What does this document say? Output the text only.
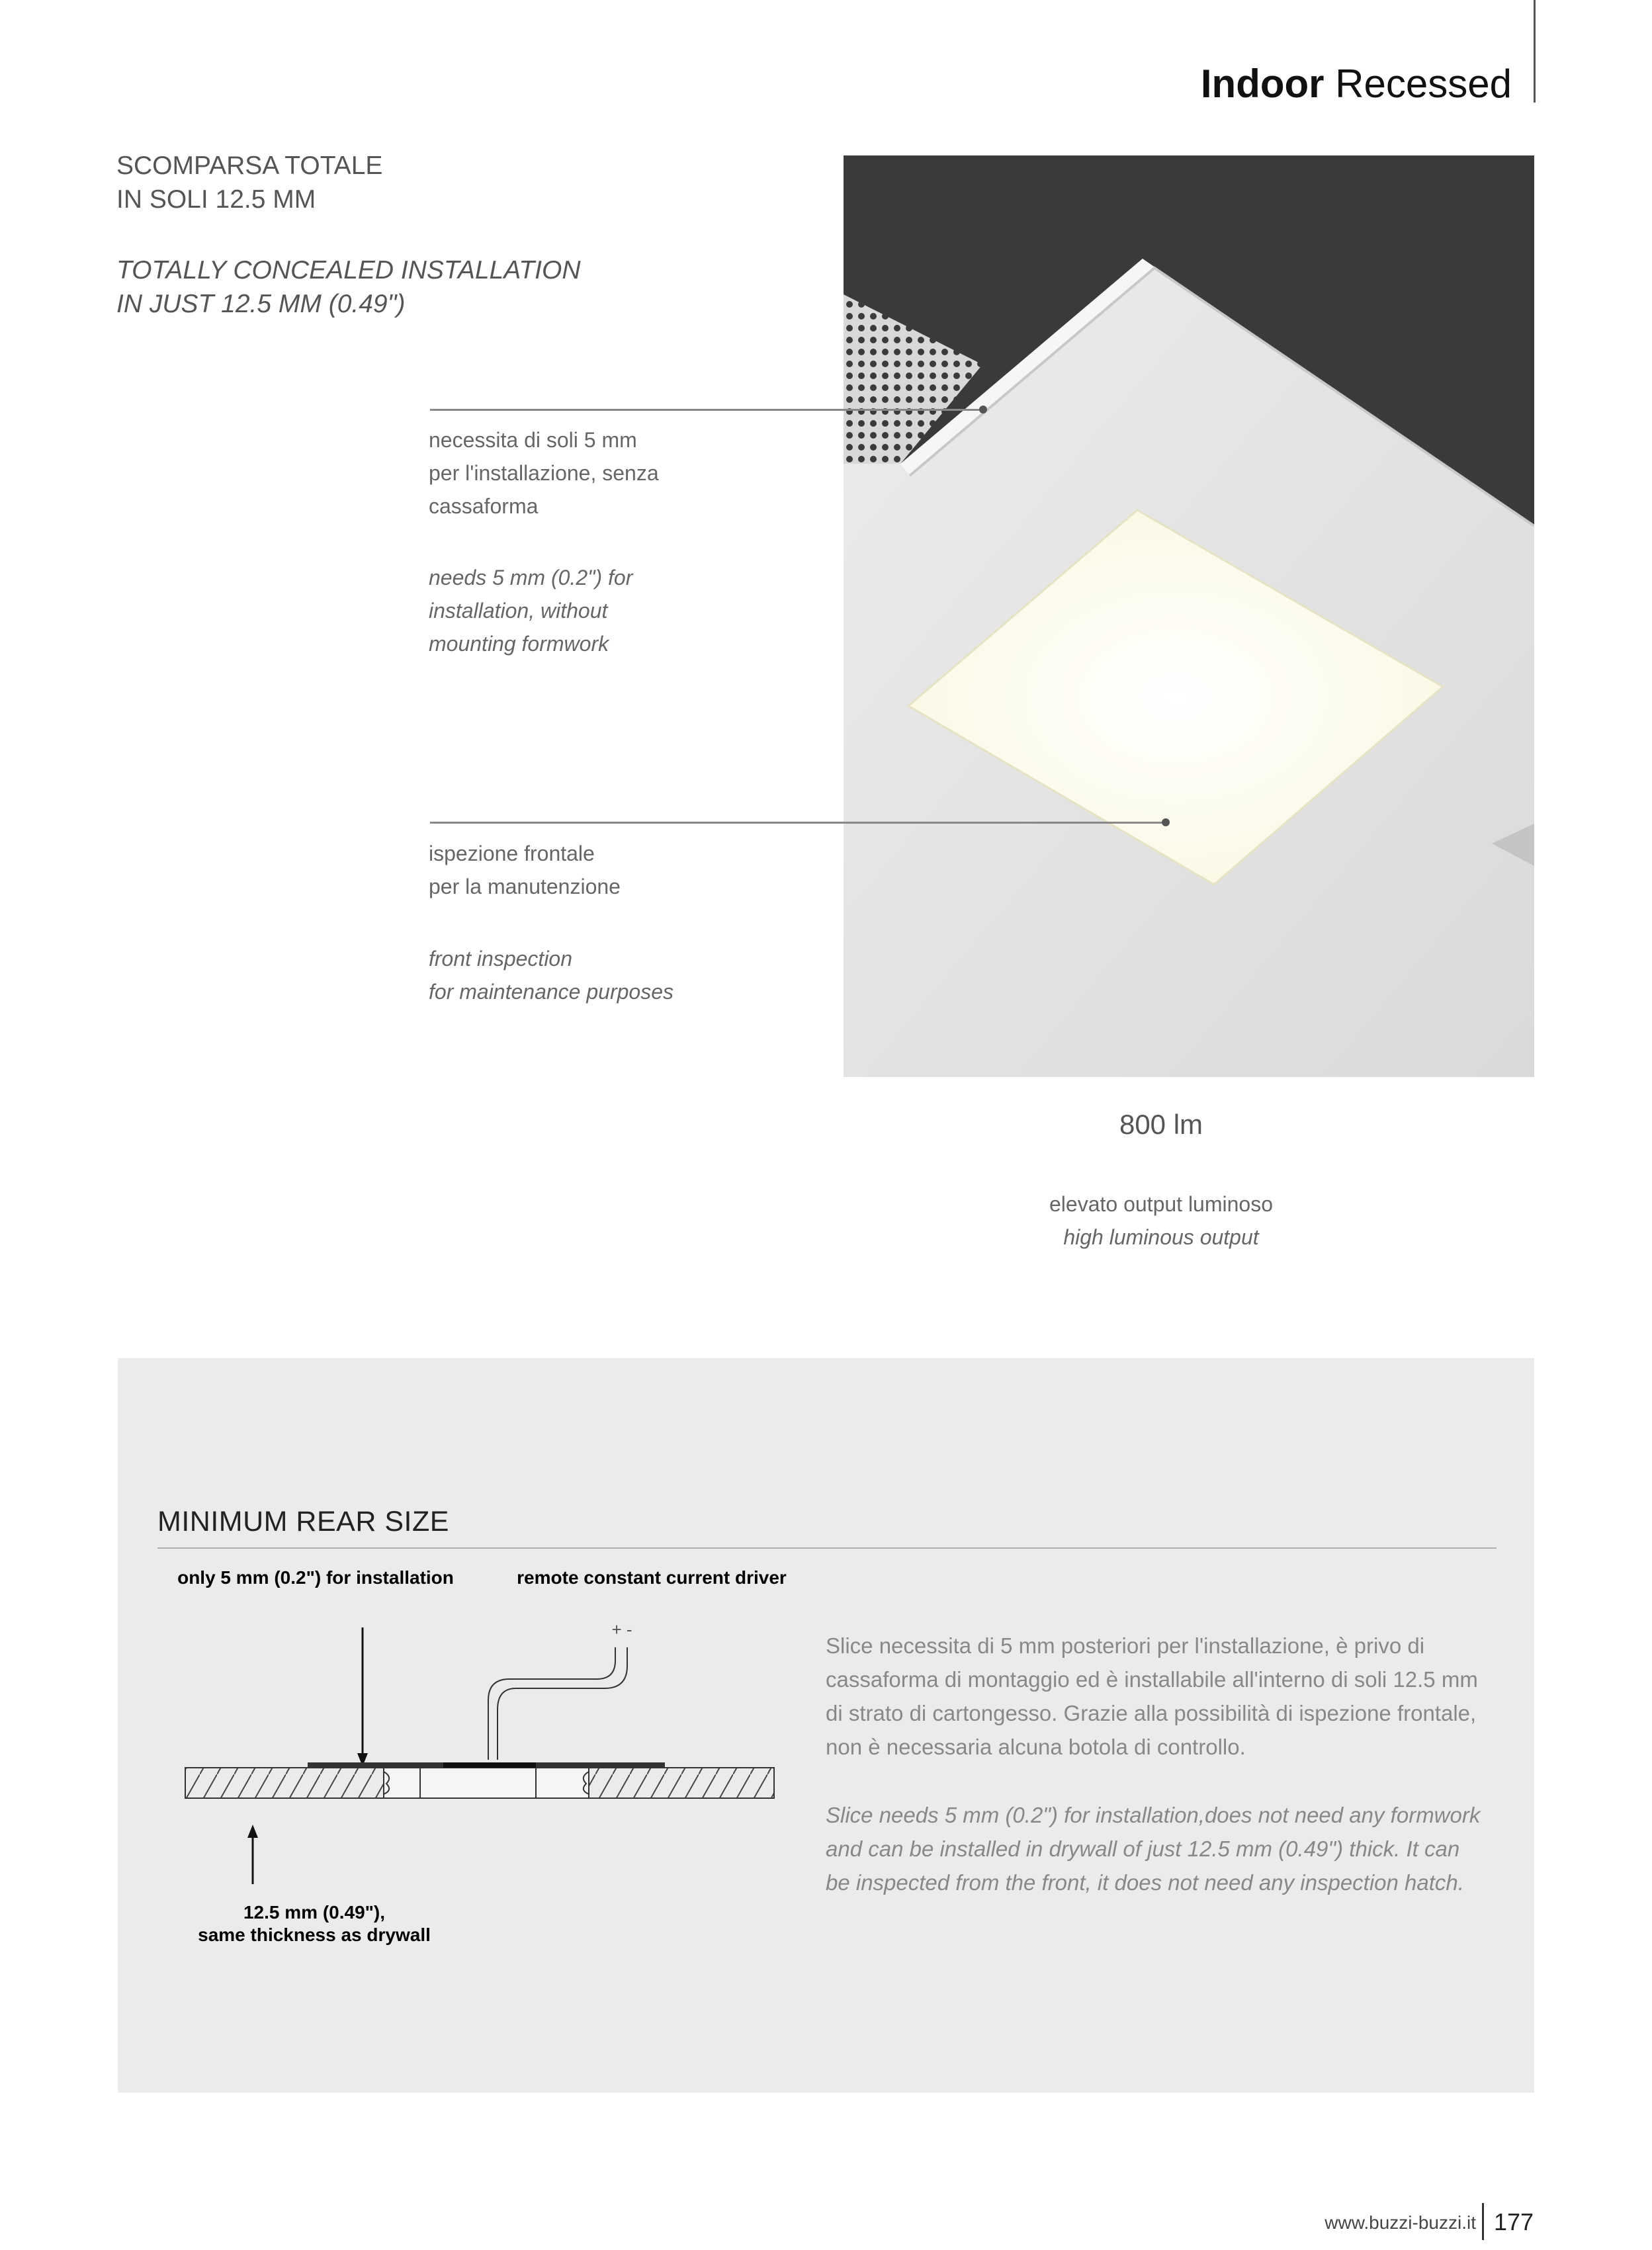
Indoor Recessed
SCOMPARSA TOTALE
IN SOLI 12.5 MM
TOTALLY CONCEALED INSTALLATION
IN JUST 12.5 MM (0.49")
necessita di soli 5 mm
per l'installazione, senza
cassaforma
needs 5 mm (0.2") for
installation, without
mounting formwork
ispezione frontale
per la manutenzione
front inspection
for maintenance purposes
800 lm
elevato output luminoso
high luminous output
MINIMUM REAR SIZE
only 5 mm (0.2") for installation	remote constant current driver
+ -
12.5 mm (0.49"),
same thickness as drywall
Slice necessita di 5 mm posteriori per l'installazione, è privo di
cassaforma di montaggio ed è installabile all'interno di soli 12.5 mm
di strato di cartongesso. Grazie alla possibilità di ispezione frontale,
non è necessaria alcuna botola di controllo.
Slice needs 5 mm (0.2") for installation,does not need any formwork
and can be installed in drywall of just 12.5 mm (0.49") thick. It can
be inspected from the front, it does not need any inspection hatch.
www.buzzi-buzzi.it 177
